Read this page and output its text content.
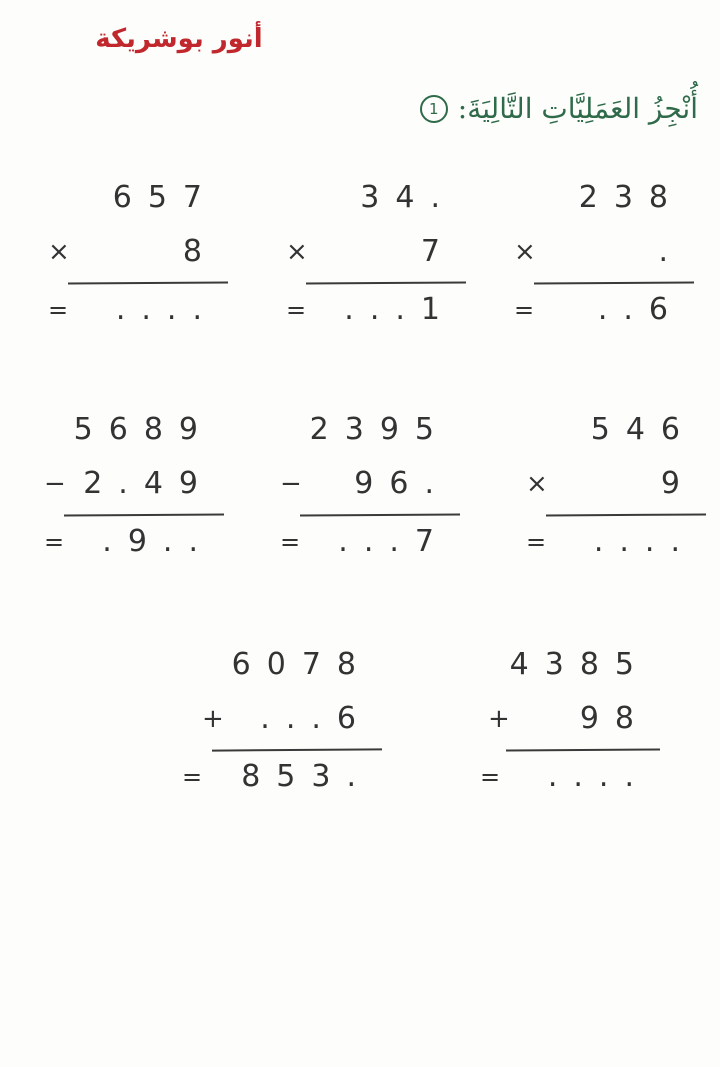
أنور بوشريكة
1 أُنْجِزُ العَمَلِيَّاتِ التَّالِيَةَ:
657
×	8
= ....
34.
×	7
= ...1
238
×	.
= ..6
5689
− 2.49
= .9..
2395
− 96.
= ...7
546
×	9
= ....
6078
+ ...6
= 853.
4385
+ 98
= ....
